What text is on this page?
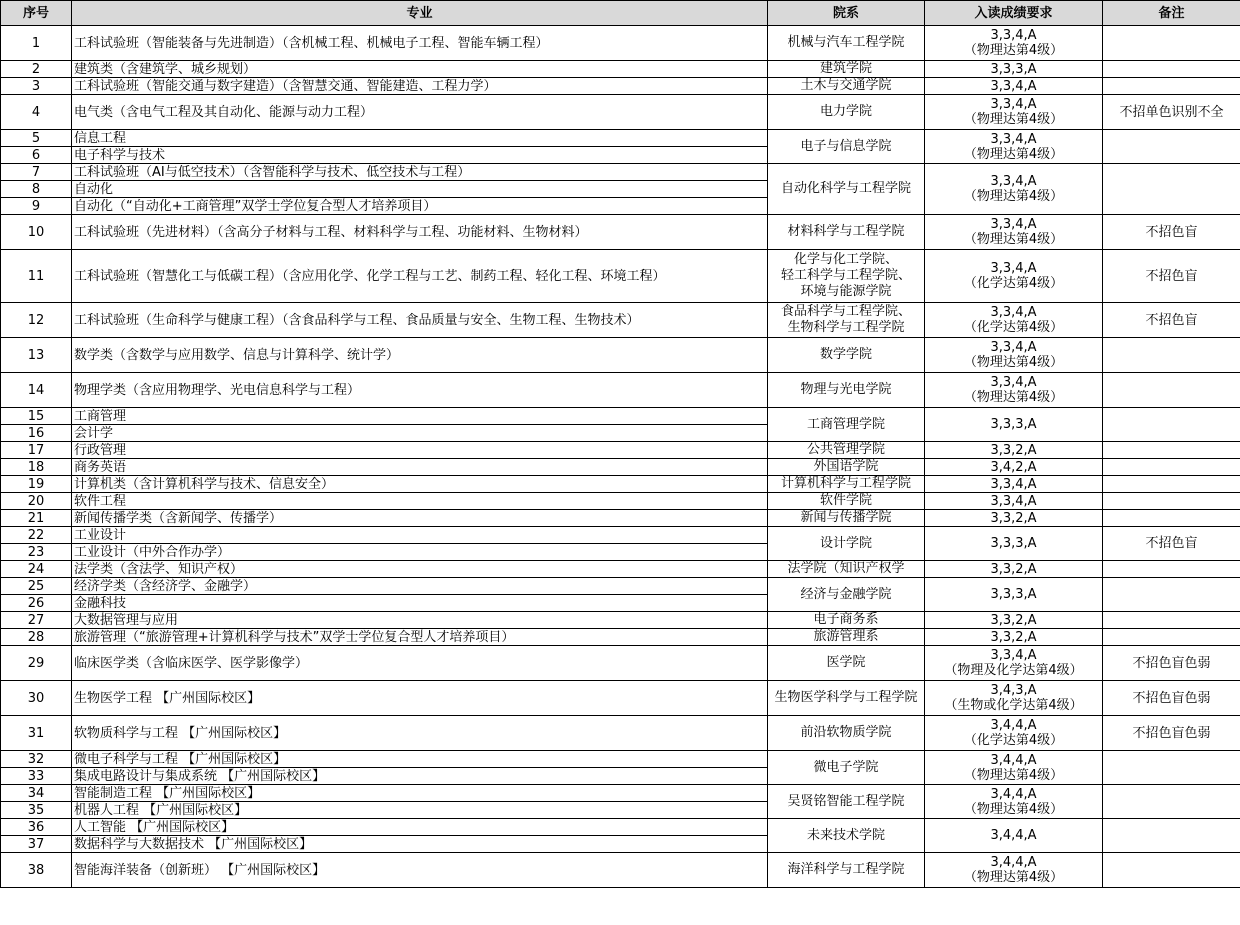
序号	专业	院系	入读成绩要求	备注
1	工科试验班（智能装备与先进制造）（含机械工程、机械电子工程、智能车辆工程）	机械与汽车工程学院	3,3,4,A
（物理达第4级）	
2	建筑类（含建筑学、城乡规划）	建筑学院	3,3,3,A	
3	工科试验班（智能交通与数字建造）（含智慧交通、智能建造、工程力学）	土木与交通学院	3,3,4,A	
4	电气类（含电气工程及其自动化、能源与动力工程）	电力学院	3,3,4,A
（物理达第4级）	不招单色识别不全
5	信息工程	电子与信息学院	3,3,4,A
（物理达第4级）	
6	电子科学与技术			
7	工科试验班（AI与低空技术）（含智能科学与技术、低空技术与工程）	自动化科学与工程学院	3,3,4,A
（物理达第4级）	
8	自动化			
9	自动化（“自动化+工商管理”双学士学位复合型人才培养项目）			
10	工科试验班（先进材料）（含高分子材料与工程、材料科学与工程、功能材料、生物材料）	材料科学与工程学院	3,3,4,A
（物理达第4级）	不招色盲
11	工科试验班（智慧化工与低碳工程）（含应用化学、化学工程与工艺、制药工程、轻化工程、环境工程）	化学与化工学院、
轻工科学与工程学院、
环境与能源学院	3,3,4,A
（化学达第4级）	不招色盲
12	工科试验班（生命科学与健康工程）（含食品科学与工程、食品质量与安全、生物工程、生物技术）	食品科学与工程学院、
生物科学与工程学院	3,3,4,A
（化学达第4级）	不招色盲
13	数学类（含数学与应用数学、信息与计算科学、统计学）	数学学院	3,3,4,A
（物理达第4级）	
14	物理学类（含应用物理学、光电信息科学与工程）	物理与光电学院	3,3,4,A
（物理达第4级）	
15	工商管理	工商管理学院	3,3,3,A	
16	会计学			
17	行政管理	公共管理学院	3,3,2,A	
18	商务英语	外国语学院	3,4,2,A	
19	计算机类（含计算机科学与技术、信息安全）	计算机科学与工程学院	3,3,4,A	
20	软件工程	软件学院	3,3,4,A	
21	新闻传播学类（含新闻学、传播学）	新闻与传播学院	3,3,2,A	
22	工业设计	设计学院	3,3,3,A	不招色盲
23	工业设计（中外合作办学）			
24	法学类（含法学、知识产权）	法学院（知识产权学	3,3,2,A	
25	经济学类（含经济学、金融学）	经济与金融学院	3,3,3,A	
26	金融科技			
27	大数据管理与应用	电子商务系	3,3,2,A	
28	旅游管理（“旅游管理+计算机科学与技术”双学士学位复合型人才培养项目）	旅游管理系	3,3,2,A	
29	临床医学类（含临床医学、医学影像学）	医学院	3,3,4,A
（物理及化学达第4级）	不招色盲色弱
30	生物医学工程 【广州国际校区】	生物医学科学与工程学院	3,4,3,A
（生物或化学达第4级）	不招色盲色弱
31	软物质科学与工程 【广州国际校区】	前沿软物质学院	3,4,4,A
（化学达第4级）	不招色盲色弱
32	微电子科学与工程 【广州国际校区】	微电子学院	3,4,4,A
（物理达第4级）	
33	集成电路设计与集成系统 【广州国际校区】			
34	智能制造工程 【广州国际校区】	吴贤铭智能工程学院	3,4,4,A
（物理达第4级）	
35	机器人工程 【广州国际校区】			
36	人工智能 【广州国际校区】	未来技术学院	3,4,4,A	
37	数据科学与大数据技术 【广州国际校区】			
38	智能海洋装备（创新班） 【广州国际校区】	海洋科学与工程学院	3,4,4,A
（物理达第4级）	
